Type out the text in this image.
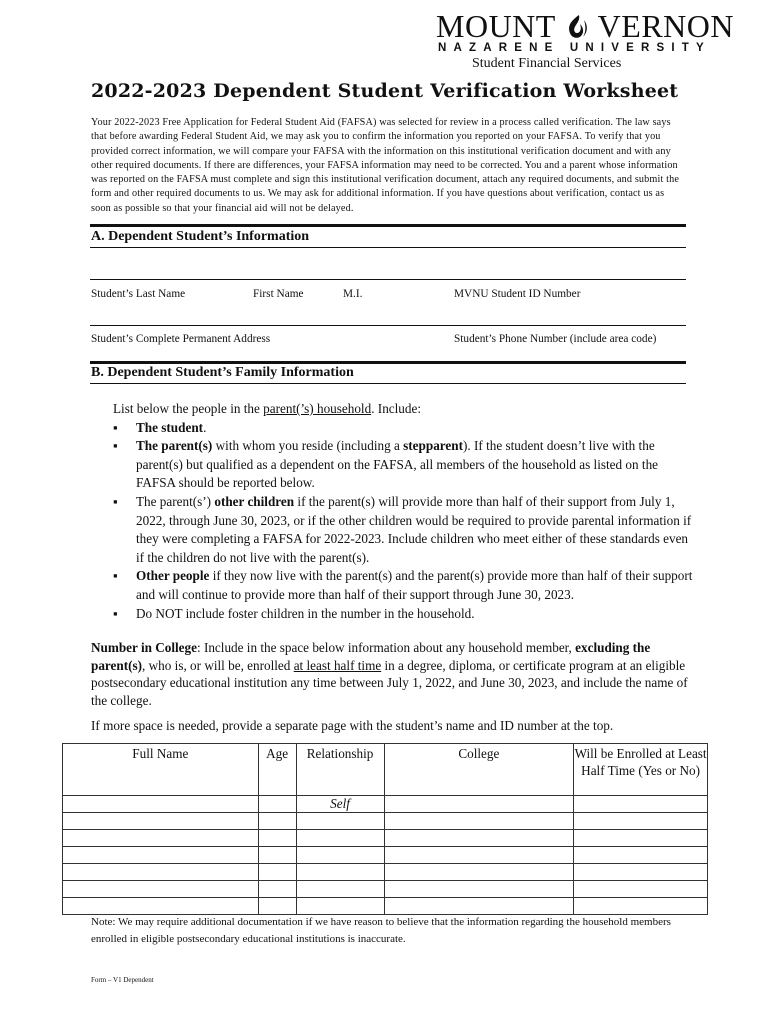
MOUNT VERNON
NAZARENE UNIVERSITY
Student Financial Services
2022-2023 Dependent Student Verification Worksheet
Your 2022-2023 Free Application for Federal Student Aid (FAFSA) was selected for review in a process called verification. The law says that before awarding Federal Student Aid, we may ask you to confirm the information you reported on your FAFSA. To verify that you provided correct information, we will compare your FAFSA with the information on this institutional verification document and with any other required documents. If there are differences, your FAFSA information may need to be corrected. You and a parent whose information was reported on the FAFSA must complete and sign this institutional verification document, attach any required documents, and submit the form and other required documents to us. We may ask for additional information. If you have questions about verification, contact us as soon as possible so that your financial aid will not be delayed.
A. Dependent Student’s Information
Student’s Last Name	First Name	M.I.	MVNU Student ID Number
Student’s Complete Permanent Address	Student’s Phone Number (include area code)
B. Dependent Student’s Family Information
List below the people in the parent(’s) household. Include:
▪ The student.
▪ The parent(s) with whom you reside (including a stepparent). If the student doesn’t live with the parent(s) but qualified as a dependent on the FAFSA, all members of the household as listed on the FAFSA should be reported below.
▪ The parent(s’) other children if the parent(s) will provide more than half of their support from July 1, 2022, through June 30, 2023, or if the other children would be required to provide parental information if they were completing a FAFSA for 2022-2023. Include children who meet either of these standards even if the children do not live with the parent(s).
▪ Other people if they now live with the parent(s) and the parent(s) provide more than half of their support and will continue to provide more than half of their support through June 30, 2023.
▪ Do NOT include foster children in the number in the household.
Number in College: Include in the space below information about any household member, excluding the parent(s), who is, or will be, enrolled at least half time in a degree, diploma, or certificate program at an eligible postsecondary educational institution any time between July 1, 2022, and June 30, 2023, and include the name of the college.
If more space is needed, provide a separate page with the student’s name and ID number at the top.
Full Name	Age	Relationship	College	Will be Enrolled at Least Half Time (Yes or No)
		Self		

Note: We may require additional documentation if we have reason to believe that the information regarding the household members enrolled in eligible postsecondary educational institutions is inaccurate.
Form – V1 Dependent
